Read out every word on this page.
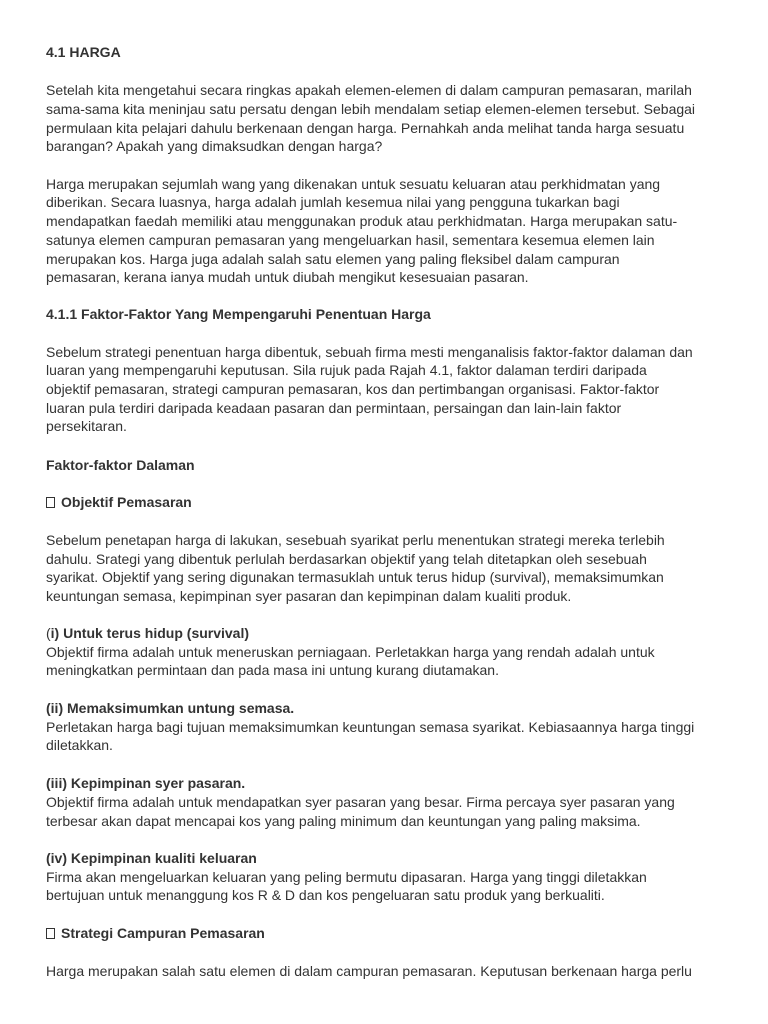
4.1 HARGA
Setelah kita mengetahui secara ringkas apakah elemen-elemen di dalam campuran pemasaran, marilah
sama-sama kita meninjau satu persatu dengan lebih mendalam setiap elemen-elemen tersebut. Sebagai
permulaan kita pelajari dahulu berkenaan dengan harga. Pernahkah anda melihat tanda harga sesuatu
barangan? Apakah yang dimaksudkan dengan harga?
Harga merupakan sejumlah wang yang dikenakan untuk sesuatu keluaran atau perkhidmatan yang
diberikan. Secara luasnya, harga adalah jumlah kesemua nilai yang pengguna tukarkan bagi
mendapatkan faedah memiliki atau menggunakan produk atau perkhidmatan. Harga merupakan satu-
satunya elemen campuran pemasaran yang mengeluarkan hasil, sementara kesemua elemen lain
merupakan kos. Harga juga adalah salah satu elemen yang paling fleksibel dalam campuran
pemasaran, kerana ianya mudah untuk diubah mengikut kesesuaian pasaran.
4.1.1 Faktor-Faktor Yang Mempengaruhi Penentuan Harga
Sebelum strategi penentuan harga dibentuk, sebuah firma mesti menganalisis faktor-faktor dalaman dan
luaran yang mempengaruhi keputusan. Sila rujuk pada Rajah 4.1, faktor dalaman terdiri daripada
objektif pemasaran, strategi campuran pemasaran, kos dan pertimbangan organisasi. Faktor-faktor
luaran pula terdiri daripada keadaan pasaran dan permintaan, persaingan dan lain-lain faktor
persekitaran.
Faktor-faktor Dalaman
Objektif Pemasaran
Sebelum penetapan harga di lakukan, sesebuah syarikat perlu menentukan strategi mereka terlebih
dahulu. Srategi yang dibentuk perlulah berdasarkan objektif yang telah ditetapkan oleh sesebuah
syarikat. Objektif yang sering digunakan termasuklah untuk terus hidup (survival), memaksimumkan
keuntungan semasa, kepimpinan syer pasaran dan kepimpinan dalam kualiti produk.
(i) Untuk terus hidup (survival)
Objektif firma adalah untuk meneruskan perniagaan. Perletakkan harga yang rendah adalah untuk
meningkatkan permintaan dan pada masa ini untung kurang diutamakan.
(ii) Memaksimumkan untung semasa.
Perletakan harga bagi tujuan memaksimumkan keuntungan semasa syarikat. Kebiasaannya harga tinggi
diletakkan.
(iii) Kepimpinan syer pasaran.
Objektif firma adalah untuk mendapatkan syer pasaran yang besar. Firma percaya syer pasaran yang
terbesar akan dapat mencapai kos yang paling minimum dan keuntungan yang paling maksima.
(iv) Kepimpinan kualiti keluaran
Firma akan mengeluarkan keluaran yang peling bermutu dipasaran. Harga yang tinggi diletakkan
bertujuan untuk menanggung kos R & D dan kos pengeluaran satu produk yang berkualiti.
Strategi Campuran Pemasaran
Harga merupakan salah satu elemen di dalam campuran pemasaran. Keputusan berkenaan harga perlu
